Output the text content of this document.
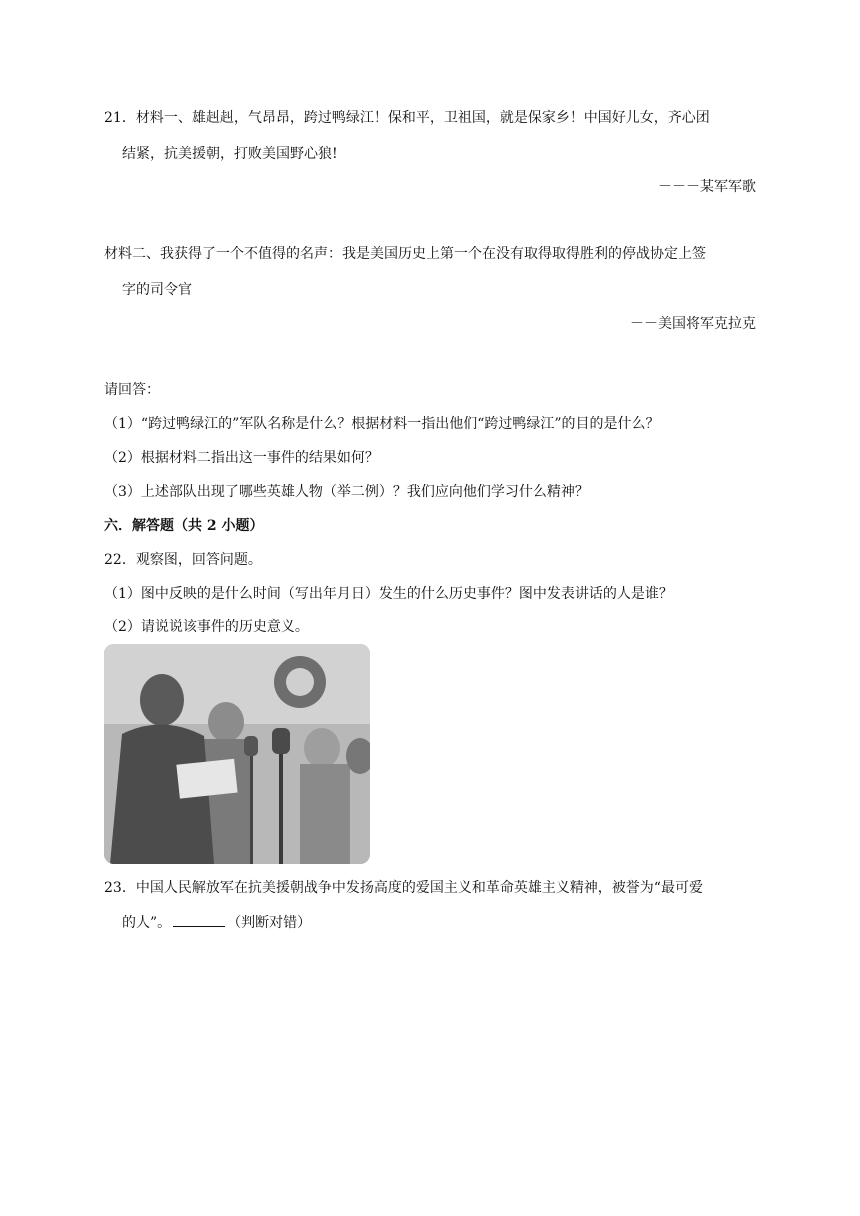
21．材料一、雄赳赳，气昂昂，跨过鸭绿江！保和平，卫祖国，就是保家乡！中国好儿女，齐心团
结紧，抗美援朝，打败美国野心狼!
－－－某军军歌
材料二、我获得了一个不值得的名声：我是美国历史上第一个在没有取得取得胜利的停战协定上签
字的司令官
－－美国将军克拉克
请回答：
（1）“跨过鸭绿江的”军队名称是什么？根据材料一指出他们“跨过鸭绿江”的目的是什么？
（2）根据材料二指出这一事件的结果如何？
（3）上述部队出现了哪些英雄人物（举二例）？我们应向他们学习什么精神？
六．解答题（共 2 小题）
22．观察图，回答问题。
（1）图中反映的是什么时间（写出年月日）发生的什么历史事件？图中发表讲话的人是谁？
（2）请说说该事件的历史意义。
23．中国人民解放军在抗美援朝战争中发扬高度的爱国主义和革命英雄主义精神，被誉为“最可爱
的人”。	（判断对错）
